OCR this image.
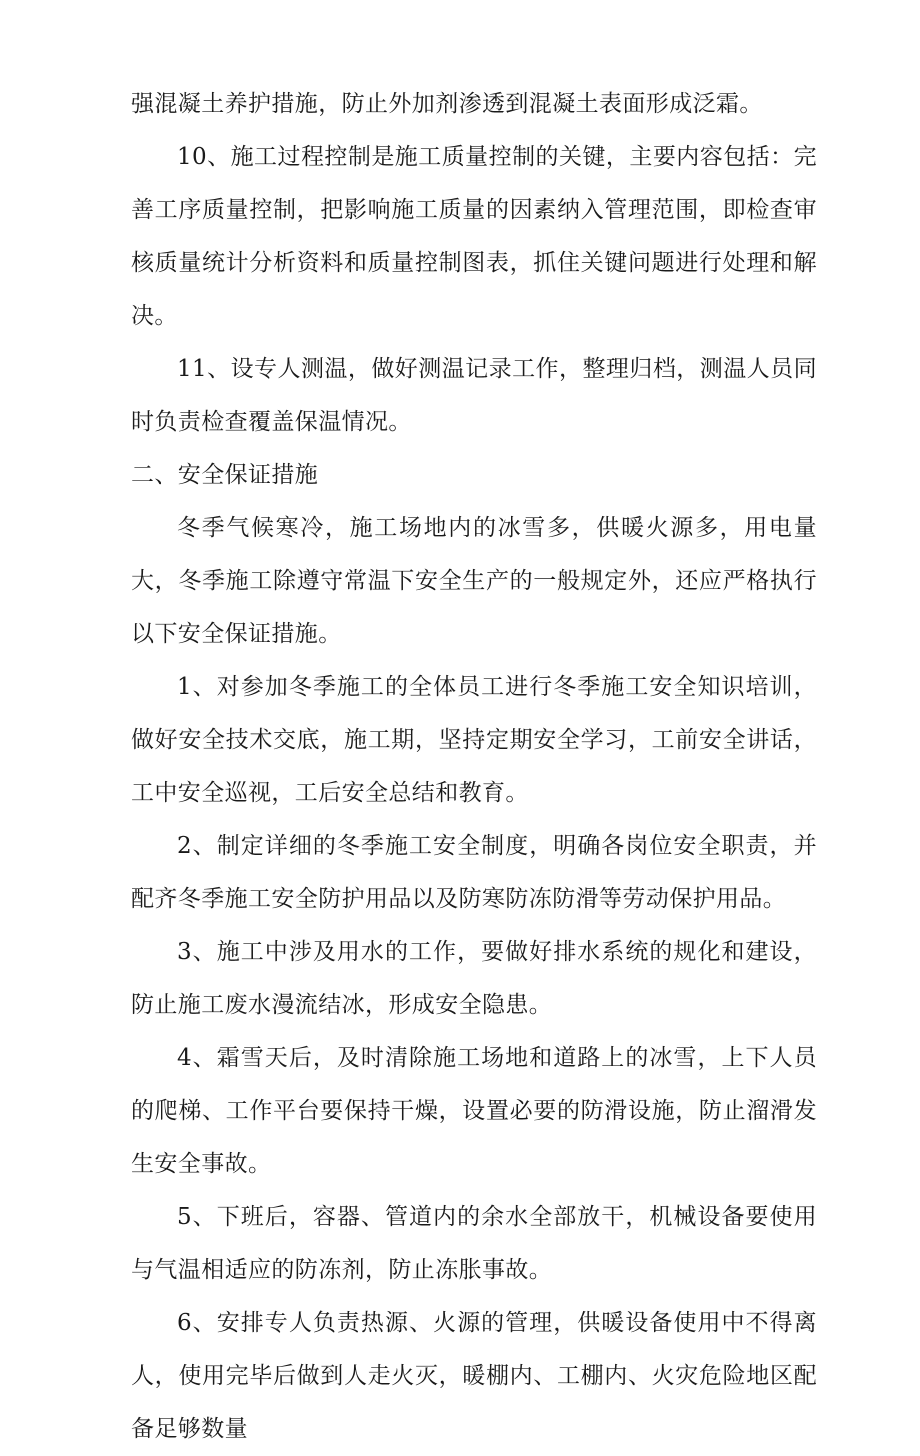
强混凝土养护措施，防止外加剂渗透到混凝土表面形成泛霜。

10、施工过程控制是施工质量控制的关键，主要内容包括：完善工序质量控制，把影响施工质量的因素纳入管理范围，即检查审核质量统计分析资料和质量控制图表，抓住关键问题进行处理和解决。

11、设专人测温，做好测温记录工作，整理归档，测温人员同时负责检查覆盖保温情况。

二、安全保证措施

冬季气候寒冷，施工场地内的冰雪多，供暖火源多，用电量大，冬季施工除遵守常温下安全生产的一般规定外，还应严格执行以下安全保证措施。

1、对参加冬季施工的全体员工进行冬季施工安全知识培训，做好安全技术交底，施工期，坚持定期安全学习，工前安全讲话，工中安全巡视，工后安全总结和教育。

2、制定详细的冬季施工安全制度，明确各岗位安全职责，并配齐冬季施工安全防护用品以及防寒防冻防滑等劳动保护用品。

3、施工中涉及用水的工作，要做好排水系统的规化和建设，防止施工废水漫流结冰，形成安全隐患。

4、霜雪天后，及时清除施工场地和道路上的冰雪，上下人员的爬梯、工作平台要保持干燥，设置必要的防滑设施，防止溜滑发生安全事故。

5、下班后，容器、管道内的余水全部放干，机械设备要使用与气温相适应的防冻剂，防止冻胀事故。

6、安排专人负责热源、火源的管理，供暖设备使用中不得离人，使用完毕后做到人走火灭，暖棚内、工棚内、火灾危险地区配备足够数量
